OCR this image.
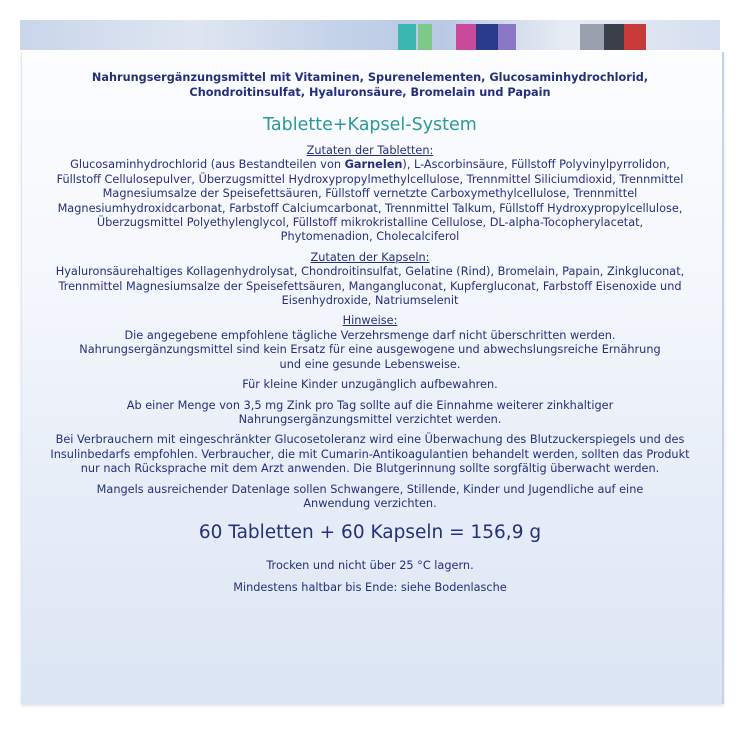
Nahrungsergänzungsmittel mit Vitaminen, Spurenelementen, Glucosaminhydrochlorid,
Chondroitinsulfat, Hyaluronsäure, Bromelain und Papain
Tablette+Kapsel-System

Zutaten der Tabletten:

Glucosaminhydrochlorid (aus Bestandteilen von Garnelen), L-Ascorbinsäure, Füllstoff Polyvinylpyrrolidon,
Füllstoff Cellulosepulver, Überzugsmittel Hydroxypropylmethylcellulose, Trennmittel Siliciumdioxid, Trennmittel
Magnesiumsalze der Speisefettsäuren, Füllstoff vernetzte Carboxymethylcellulose, Trennmittel
Magnesiumhydroxidcarbonat, Farbstoff Calciumcarbonat, Trennmittel Talkum, Füllstoff Hydroxypropylcellulose,
Überzugsmittel Polyethylenglycol, Füllstoff mikrokristalline Cellulose, DL-alpha-Tocopherylacetat,
Phytomenadion, Cholecalciferol

Zutaten der Kapseln:

Hyaluronsäurehaltiges Kollagenhydrolysat, Chondroitinsulfat, Gelatine (Rind), Bromelain, Papain, Zinkgluconat,
Trennmittel Magnesiumsalze der Speisefettsäuren, Mangangluconat, Kupfergluconat, Farbstoff Eisenoxide und
Eisenhydroxide, Natriumselenit

Hinweise:

Die angegebene empfohlene tägliche Verzehrsmenge darf nicht überschritten werden.
Nahrungsergänzungsmittel sind kein Ersatz für eine ausgewogene und abwechslungsreiche Ernährung
und eine gesunde Lebensweise.
Für kleine Kinder unzugänglich aufbewahren.
Ab einer Menge von 3,5 mg Zink pro Tag sollte auf die Einnahme weiterer zinkhaltiger
Nahrungsergänzungsmittel verzichtet werden.
Bei Verbrauchern mit eingeschränkter Glucosetoleranz wird eine Überwachung des Blutzuckerspiegels und des
Insulinbedarfs empfohlen. Verbraucher, die mit Cumarin-Antikoagulantien behandelt werden, sollten das Produkt
nur nach Rücksprache mit dem Arzt anwenden. Die Blutgerinnung sollte sorgfältig überwacht werden.
Mangels ausreichender Datenlage sollen Schwangere, Stillende, Kinder und Jugendliche auf eine
Anwendung verzichten.
60 Tabletten + 60 Kapseln = 156,9 g

Trocken und nicht über 25 °C lagern.

Mindestens haltbar bis Ende: siehe Bodenlasche
